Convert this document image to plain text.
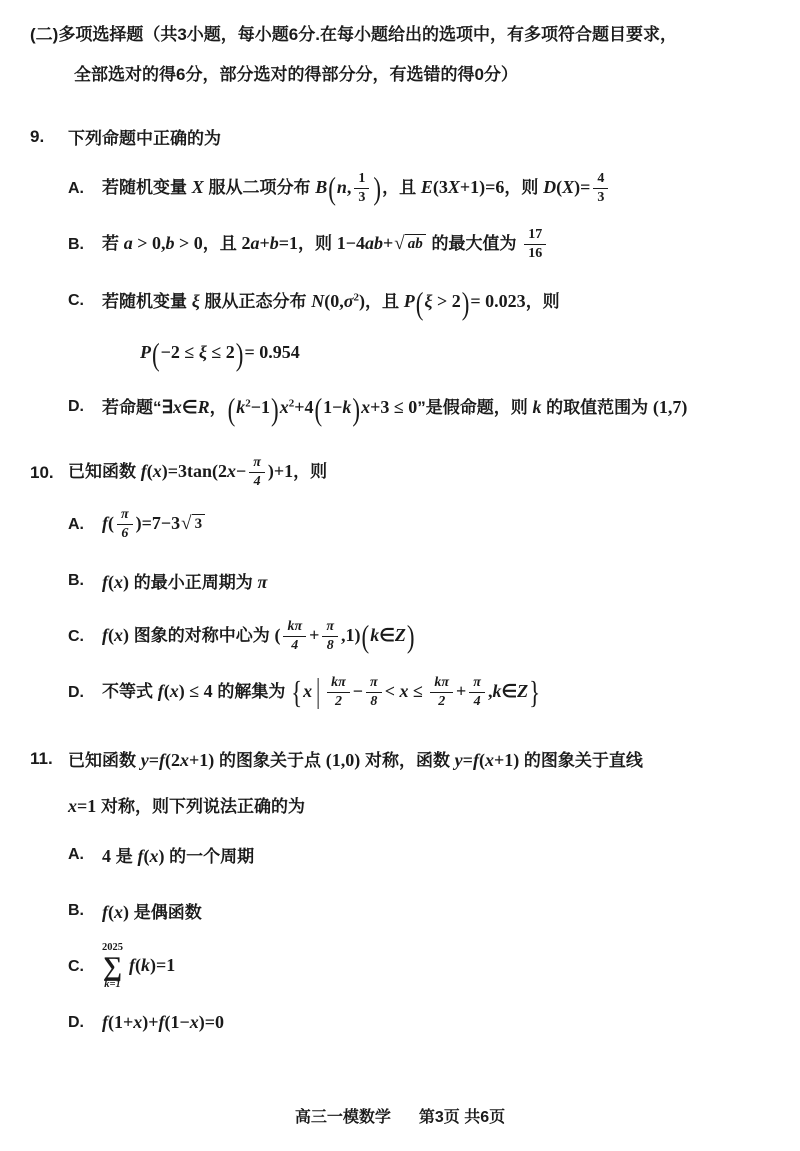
(二)多项选择题（共3小题，每小题6分.在每小题给出的选项中，有多项符合题目要求，
全部选对的得6分，部分选对的得部分分，有选错的得0分）
9.	下列命题中正确的为
A.	若随机变量 X 服从二项分布 B(n, $\frac{1}{3}$ )，且 E(3X+1)=6，则 $D(X)= \frac{4}{3}$
B.	若 a > 0,b > 0，且 2a+b=1，则 1−4ab+ √ ab 的最大值为 $\frac{17}{16}$
C.	若随机变量 ξ 服从正态分布 $N(0,\sigma^2)$，且 P(ξ > 2)= 0.023，则
P(−2 ≤ ξ ≤ 2)= 0.954
D.	若命题“∃x∈R，$(k^2-1)x^2+4(1-k)x+3 \le 0$”是假命题，则 k 的取值范围为 (1,7)
10. 已知函数 $f(x)=3\tan(2x- \frac{\pi}{4} )+1$，则
A.	$f( \frac{\pi}{6} )=7-3$ √ 3
B.	f(x) 的最小正周期为 π
C.	f(x) 图象的对称中心为 ( $\frac{k\pi}{4} + \frac{\pi}{8}$ ,1)(k∈Z)
D.	不等式 f(x) ≤ 4 的解集为 {x | $\frac{k\pi}{2} - \frac{\pi}{8} < x \le \frac{k\pi}{2} + \frac{\pi}{4}$ ,k∈Z}
11. 已知函数 y=f(2x+1) 的图象关于点 (1,0) 对称，函数 y=f(x+1) 的图象关于直线
x=1 对称，则下列说法正确的为
A.	4 是 f(x) 的一个周期
B.	f(x) 是偶函数
C.
2025
∑
k=1
f(k)=1
D.	f(1+x)+f(1−x)=0
高三一模数学 第3页 共6页
